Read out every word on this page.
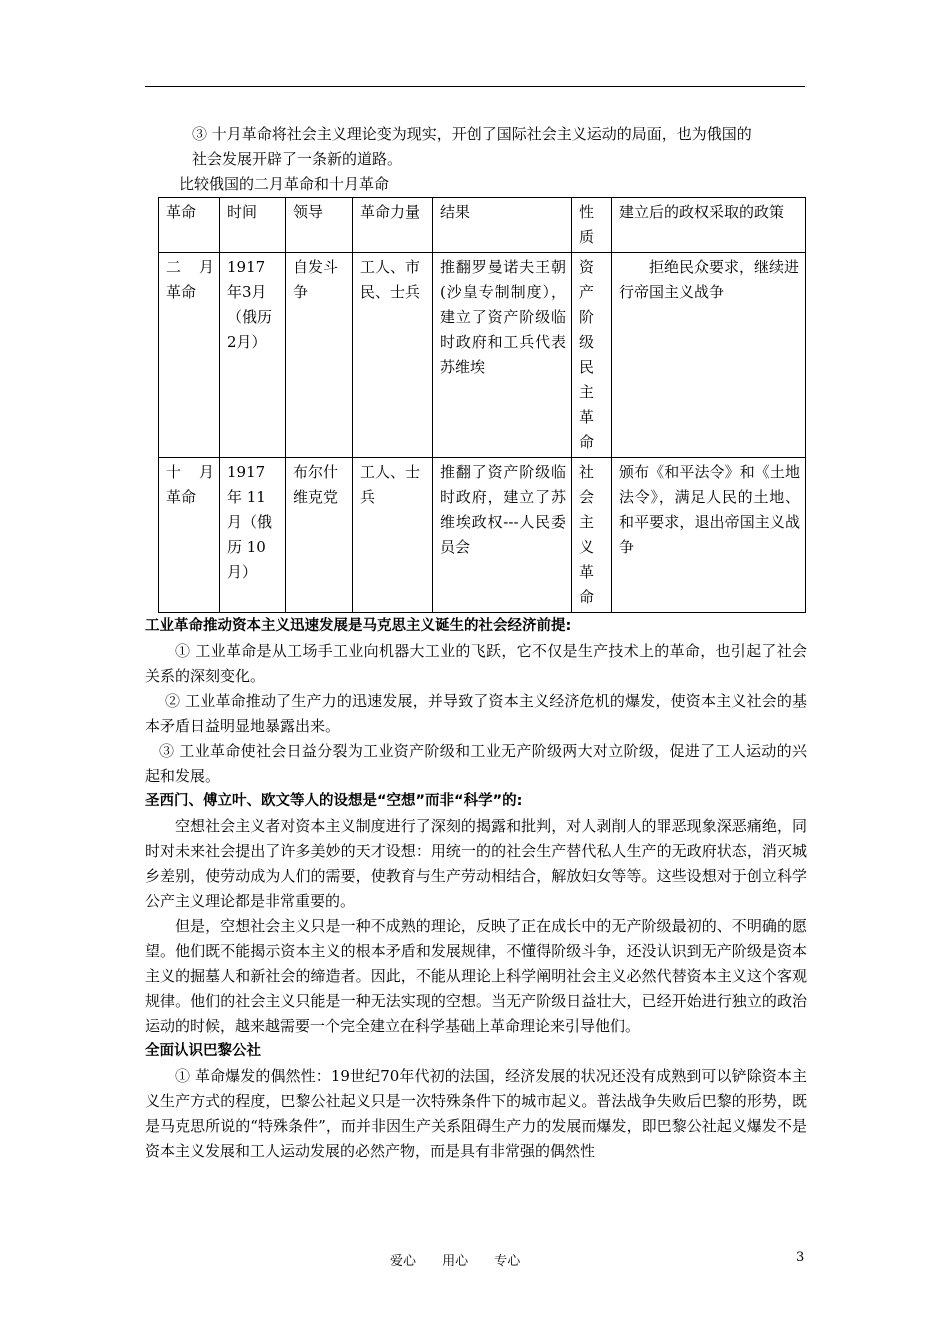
③ 十月革命将社会主义理论变为现实，开创了国际社会主义运动的局面，也为俄国的
社会发展开辟了一条新的道路。

比较俄国的二月革命和十月革命

革命	时间	领导	革命力量	结果	性质	建立后的政权采取的政策
二 月革命	1917年3月（俄历2月）	自发斗争	工人、市民、士兵	推翻罗曼诺夫王朝(沙皇专制制度），建立了资产阶级临时政府和工兵代表苏维埃	资产阶级民主革命	拒绝民众要求，继续进行帝国主义战争
十 月革命	1917 年 11 月（俄 历 10 月）	布尔什维克党	工人、士兵	推翻了资产阶级临时政府，建立了苏维埃政权---人民委员会	社会主义革命	颁布《和平法令》和《土地法令》，满足人民的土地、和平要求，退出帝国主义战争

工业革命推动资本主义迅速发展是马克思主义诞生的社会经济前提:

① 工业革命是从工场手工业向机器大工业的飞跃，它不仅是生产技术上的革命，也引起了社会关系的深刻变化。

② 工业革命推动了生产力的迅速发展，并导致了资本主义经济危机的爆发，使资本主义社会的基本矛盾日益明显地暴露出来。

③ 工业革命使社会日益分裂为工业资产阶级和工业无产阶级两大对立阶级，促进了工人运动的兴起和发展。

圣西门、傅立叶、欧文等人的设想是“空想”而非“科学”的:

空想社会主义者对资本主义制度进行了深刻的揭露和批判，对人剥削人的罪恶现象深恶痛绝，同时对未来社会提出了许多美妙的天才设想：用统一的的社会生产替代私人生产的无政府状态，消灭城乡差别，使劳动成为人们的需要，使教育与生产劳动相结合，解放妇女等等。这些设想对于创立科学公产主义理论都是非常重要的。

但是，空想社会主义只是一种不成熟的理论，反映了正在成长中的无产阶级最初的、不明确的愿望。他们既不能揭示资本主义的根本矛盾和发展规律，不懂得阶级斗争，还没认识到无产阶级是资本主义的掘墓人和新社会的缔造者。因此，不能从理论上科学阐明社会主义必然代替资本主义这个客观规律。他们的社会主义只能是一种无法实现的空想。当无产阶级日益壮大，已经开始进行独立的政治运动的时候，越来越需要一个完全建立在科学基础上革命理论来引导他们。

全面认识巴黎公社

① 革命爆发的偶然性：19世纪70年代初的法国，经济发展的状况还没有成熟到可以铲除资本主义生产方式的程度，巴黎公社起义只是一次特殊条件下的城市起义。普法战争失败后巴黎的形势，既是马克思所说的“特殊条件”，而并非因生产关系阻碍生产力的发展而爆发，即巴黎公社起义爆发不是资本主义发展和工人运动发展的必然产物，而是具有非常强的偶然性

爱心 用心 专心	3
